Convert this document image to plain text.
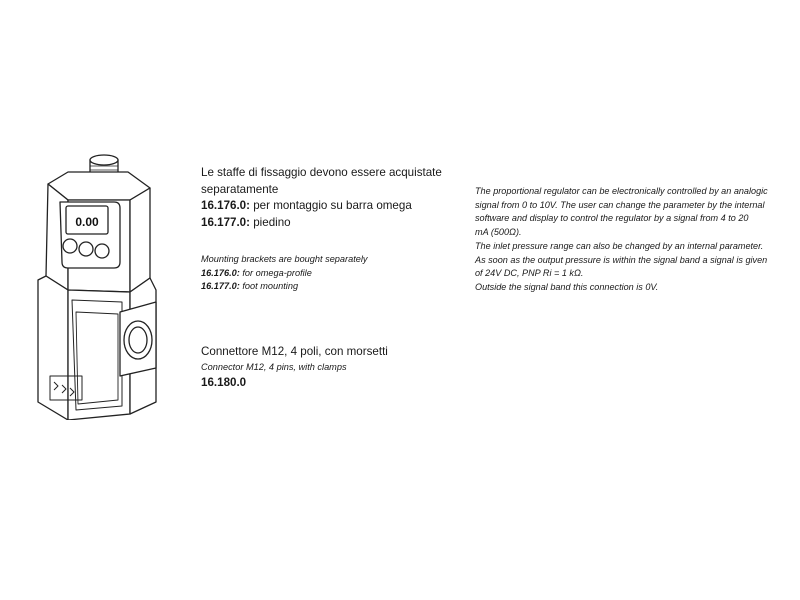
0.00
Le staffe di fissaggio devono essere acquistate
separatamente
16.176.0: per montaggio su barra omega
16.177.0: piedino
Mounting brackets are bought separately
16.176.0: for omega-profile
16.177.0: foot mounting
Connettore M12, 4 poli, con morsetti
Connector M12, 4 pins, with clamps
16.180.0
The proportional regulator can be electronically controlled by an analogic
signal from 0 to 10V. The user can change the parameter by the internal
software and display to control the regulator by a signal from 4 to 20
mA (500Ω).
The inlet pressure range can also be changed by an internal parameter.
As soon as the output pressure is within the signal band a signal is given
of 24V DC, PNP Ri = 1 kΩ.
Outside the signal band this connection is 0V.
